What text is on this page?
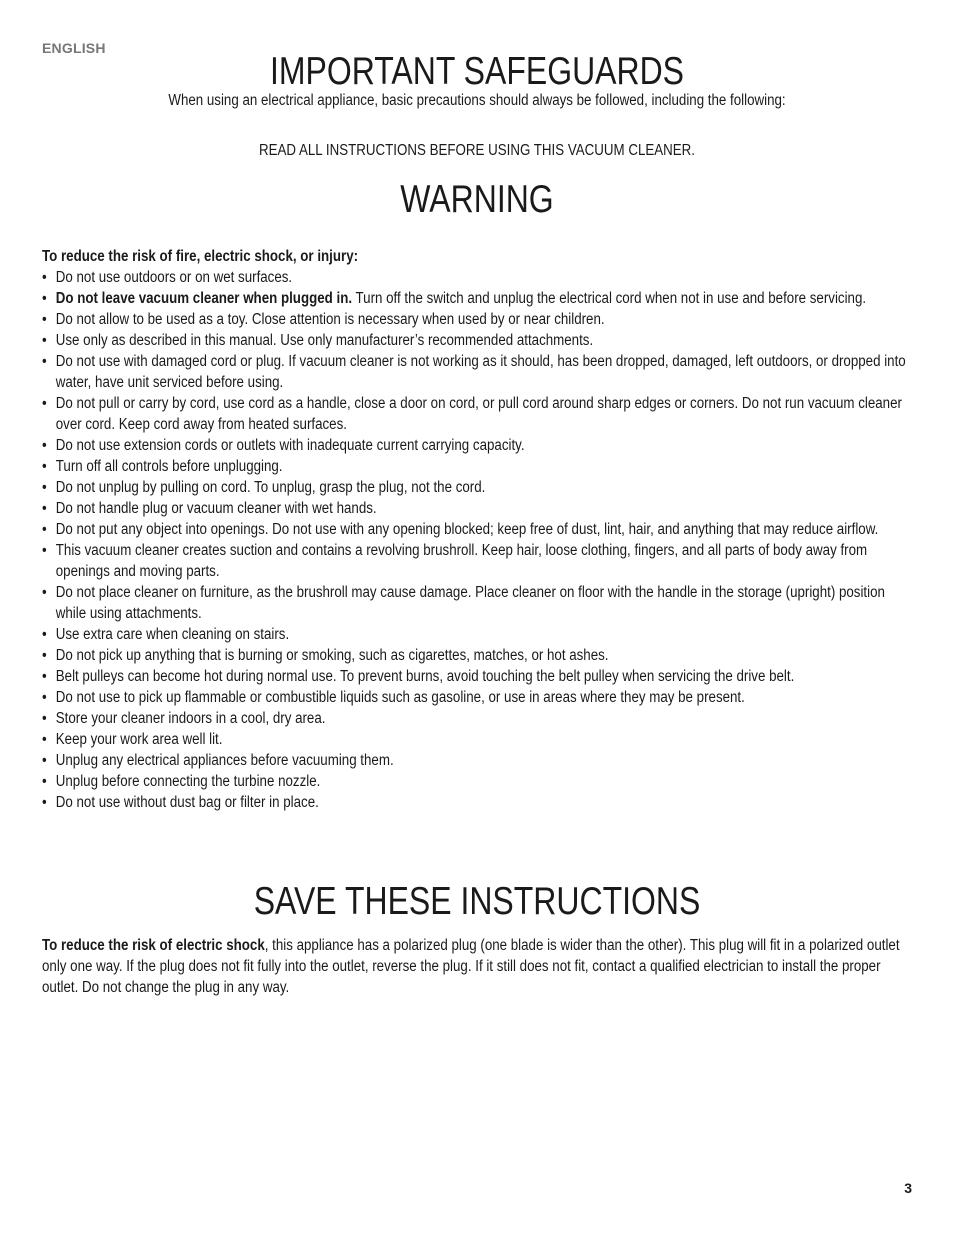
ENGLISH
IMPORTANT SAFEGUARDS

When using an electrical appliance, basic precautions should always be followed, including the following:

READ ALL INSTRUCTIONS BEFORE USING THIS VACUUM CLEANER.

WARNING

To reduce the risk of fire, electric shock, or injury:

• Do not use outdoors or on wet surfaces.
• Do not leave vacuum cleaner when plugged in. Turn off the switch and unplug the electrical cord when not in use and before servicing.
• Do not allow to be used as a toy. Close attention is necessary when used by or near children.
• Use only as described in this manual. Use only manufacturer’s recommended attachments.
• Do not use with damaged cord or plug. If vacuum cleaner is not working as it should, has been dropped, damaged, left outdoors, or dropped into water, have unit serviced before using.
• Do not pull or carry by cord, use cord as a handle, close a door on cord, or pull cord around sharp edges or corners. Do not run vacuum cleaner over cord. Keep cord away from heated surfaces.
• Do not use extension cords or outlets with inadequate current carrying capacity.
• Turn off all controls before unplugging.
• Do not unplug by pulling on cord. To unplug, grasp the plug, not the cord.
• Do not handle plug or vacuum cleaner with wet hands.
• Do not put any object into openings. Do not use with any opening blocked; keep free of dust, lint, hair, and anything that may reduce airflow.
• This vacuum cleaner creates suction and contains a revolving brushroll. Keep hair, loose clothing, fingers, and all parts of body away from openings and moving parts.
• Do not place cleaner on furniture, as the brushroll may cause damage. Place cleaner on floor with the handle in the storage (upright) position while using attachments.
• Use extra care when cleaning on stairs.
• Do not pick up anything that is burning or smoking, such as cigarettes, matches, or hot ashes.
• Belt pulleys can become hot during normal use. To prevent burns, avoid touching the belt pulley when servicing the drive belt.
• Do not use to pick up flammable or combustible liquids such as gasoline, or use in areas where they may be present.
• Store your cleaner indoors in a cool, dry area.
• Keep your work area well lit.
• Unplug any electrical appliances before vacuuming them.
• Unplug before connecting the turbine nozzle.
• Do not use without dust bag or filter in place.
SAVE THESE INSTRUCTIONS

To reduce the risk of electric shock, this appliance has a polarized plug (one blade is wider than the other). This plug will fit in a polarized outlet only one way. If the plug does not fit fully into the outlet, reverse the plug. If it still does not fit, contact a qualified electrician to install the proper outlet. Do not change the plug in any way.

3
